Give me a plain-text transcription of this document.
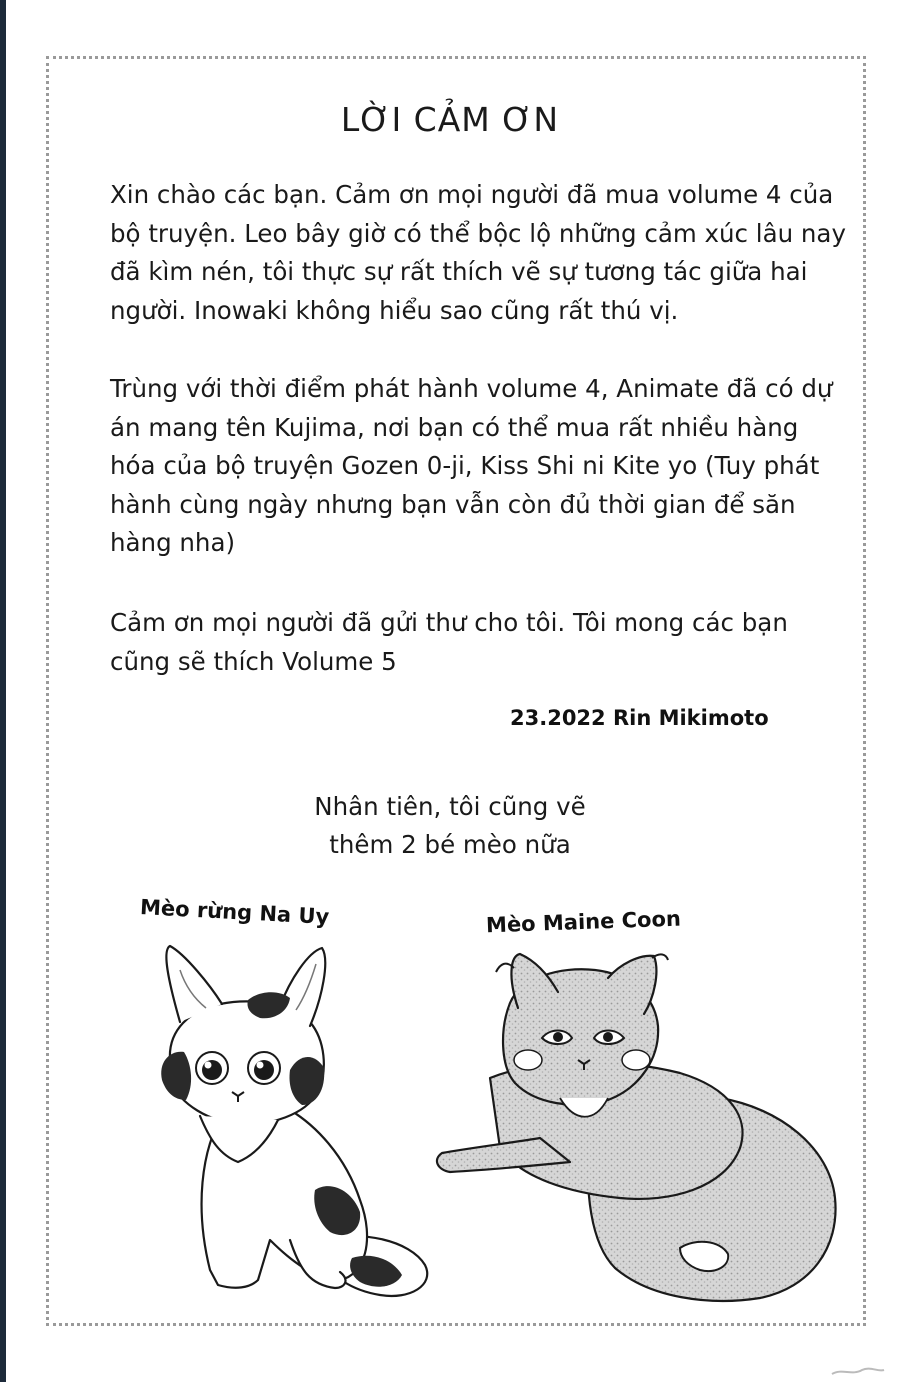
LỜI CẢM ƠN
Xin chào các bạn. Cảm ơn mọi người đã mua volume 4 của bộ truyện. Leo bây giờ có thể bộc lộ những cảm xúc lâu nay đã kìm nén, tôi thực sự rất thích vẽ sự tương tác giữa hai người. Inowaki không hiểu sao cũng rất thú vị.
Trùng với thời điểm phát hành volume 4, Animate đã có dự án mang tên Kujima, nơi bạn có thể mua rất nhiều hàng hóa của bộ truyện Gozen 0-ji, Kiss Shi ni Kite yo (Tuy phát hành cùng ngày nhưng bạn vẫn còn đủ thời gian để săn hàng nha)
Cảm ơn mọi người đã gửi thư cho tôi. Tôi mong các bạn cũng sẽ thích Volume 5
23.2022 Rin Mikimoto
Nhân tiên, tôi cũng vẽ
thêm 2 bé mèo nữa
Mèo rừng Na Uy	Mèo Maine Coon
